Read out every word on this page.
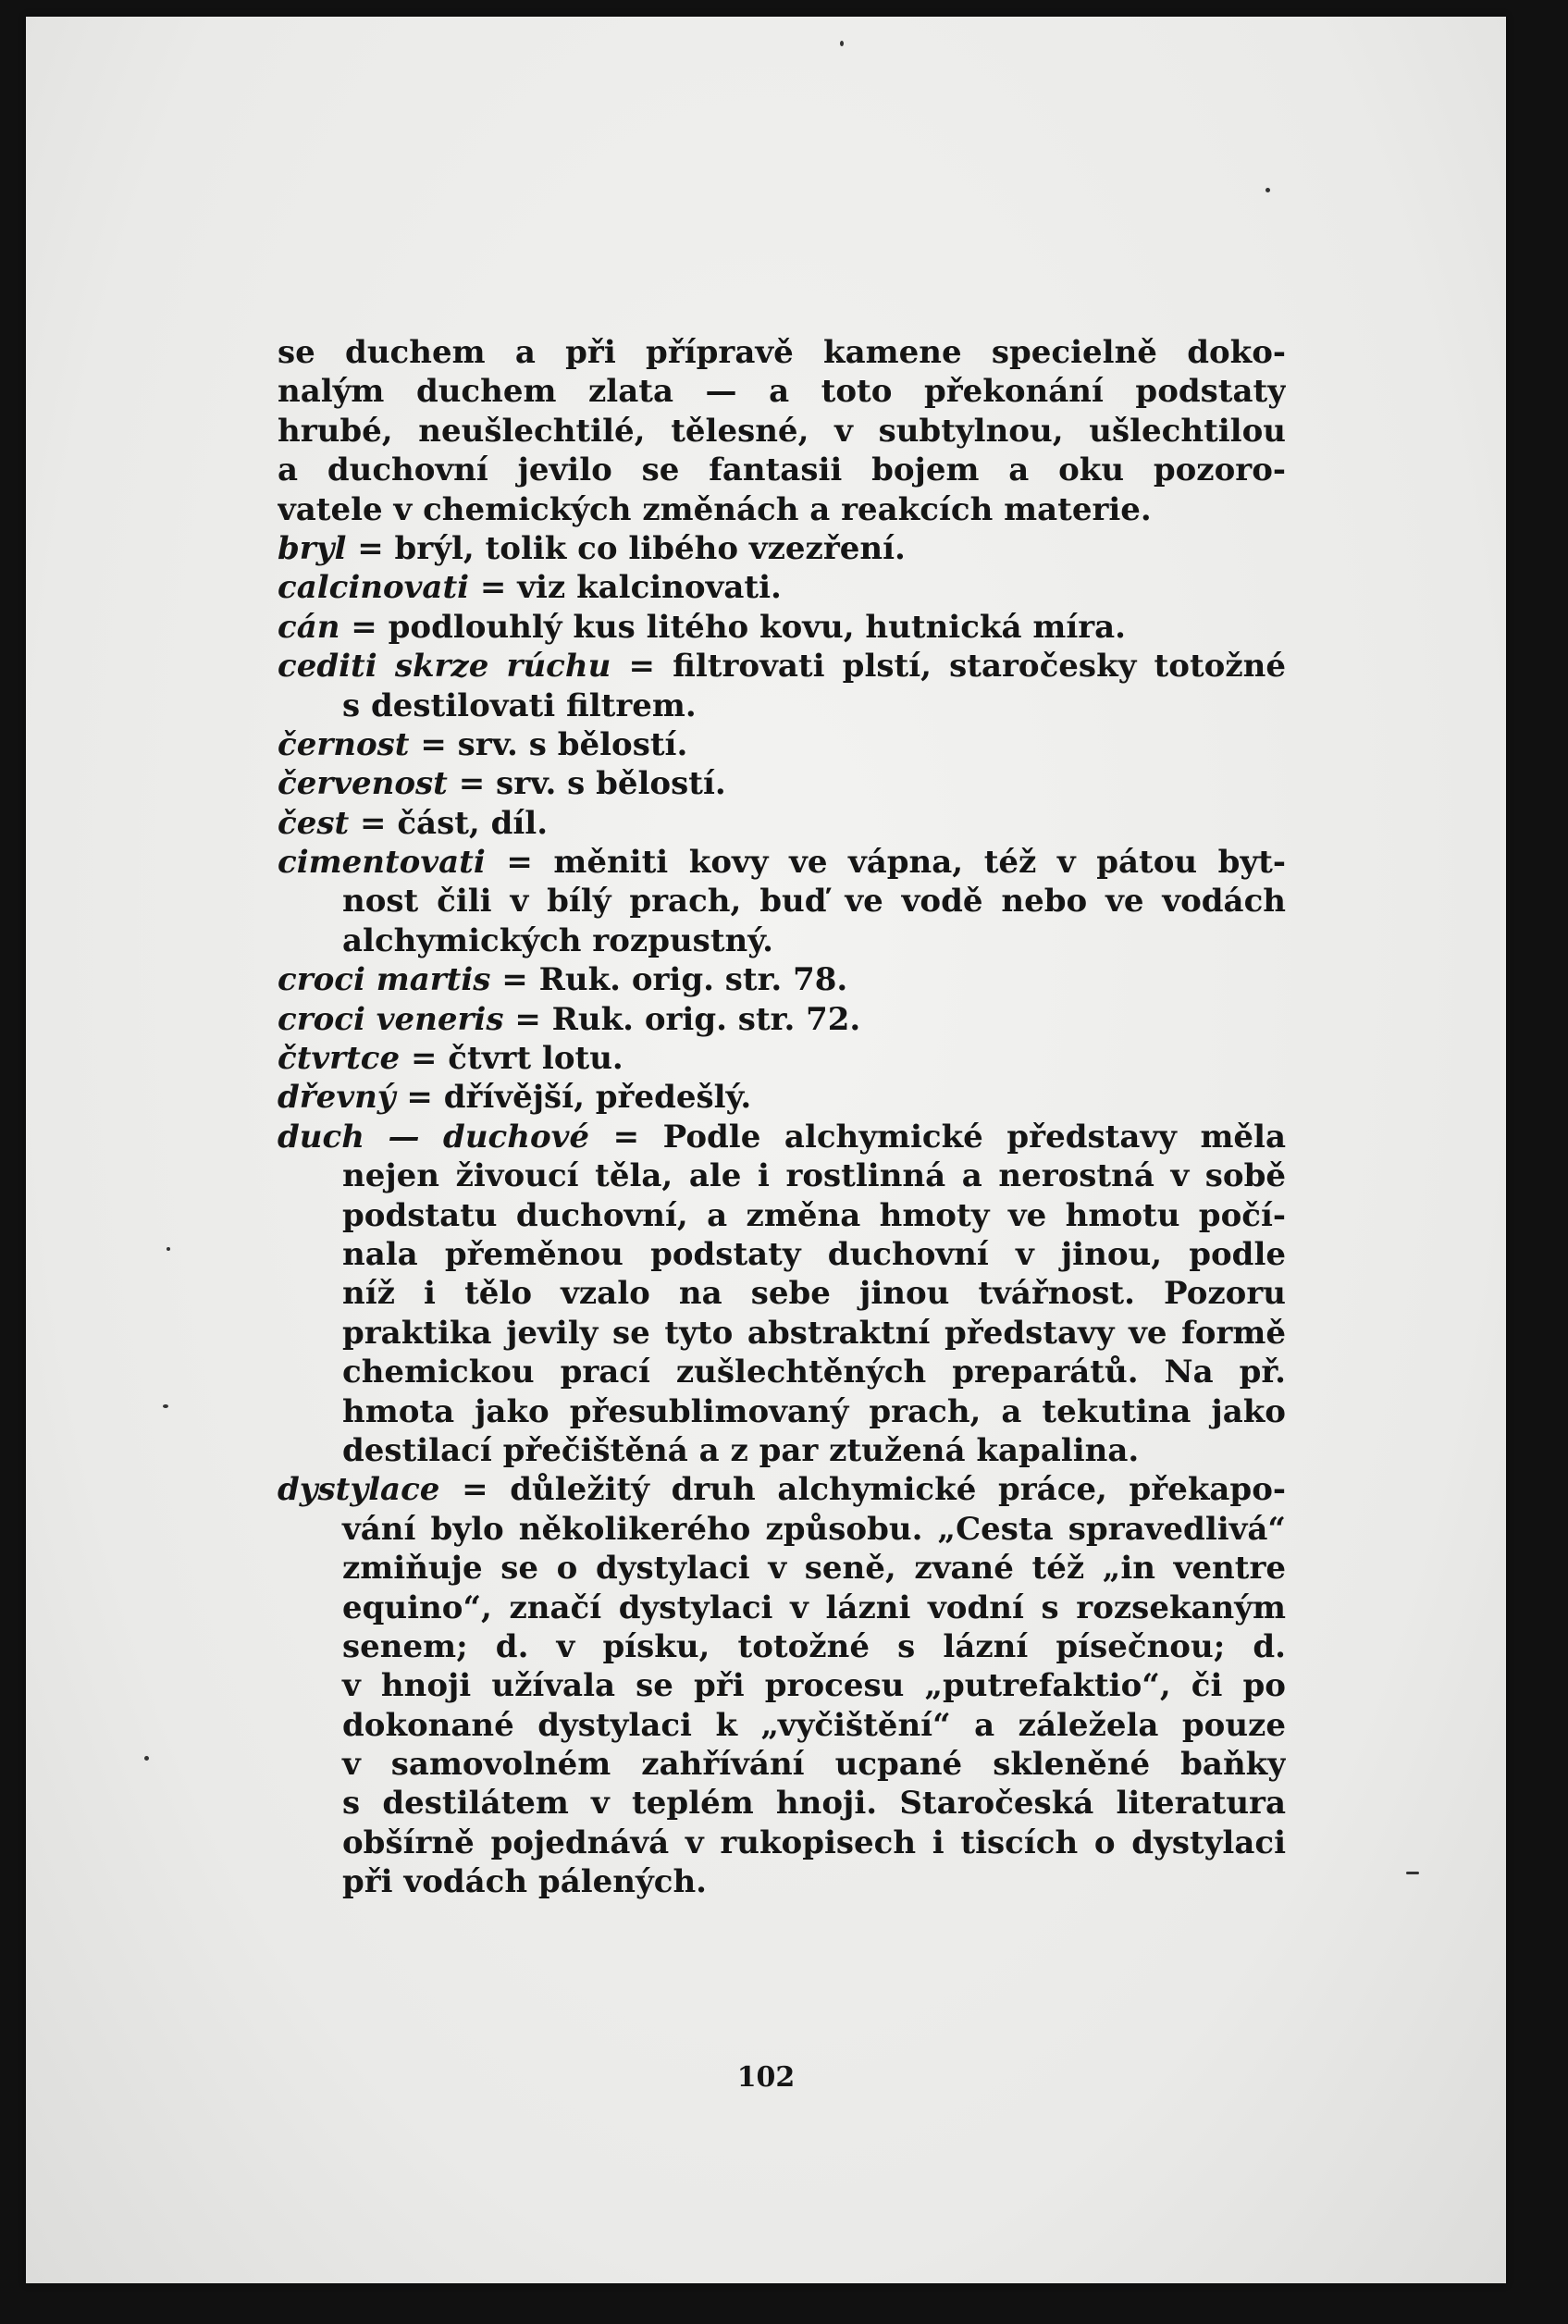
se duchem a při přípravě kamene specielně doko-
nalým duchem zlata — a toto překonání podstaty
hrubé, neušlechtilé, tělesné, v subtylnou, ušlechtilou
a duchovní jevilo se fantasii bojem a oku pozoro-
vatele v chemických změnách a reakcích materie.
bryl = brýl, tolik co libého vzezření.
calcinovati = viz kalcinovati.
cán = podlouhlý kus litého kovu, hutnická míra.
cediti skrze rúchu = filtrovati plstí, staročesky totožné
s destilovati filtrem.
černost = srv. s bělostí.
červenost = srv. s bělostí.
čest = část, díl.
cimentovati = měniti kovy ve vápna, též v pátou byt-
nost čili v bílý prach, buď ve vodě nebo ve vodách
alchymických rozpustný.
croci martis = Ruk. orig. str. 78.
croci veneris = Ruk. orig. str. 72.
čtvrtce = čtvrt lotu.
dřevný = dřívější, předešlý.
duch — duchové = Podle alchymické představy měla
nejen živoucí těla, ale i rostlinná a nerostná v sobě
podstatu duchovní, a změna hmoty ve hmotu počí-
nala přeměnou podstaty duchovní v jinou, podle
níž i tělo vzalo na sebe jinou tvářnost. Pozoru
praktika jevily se tyto abstraktní představy ve formě
chemickou prací zušlechtěných preparátů. Na př.
hmota jako přesublimovaný prach, a tekutina jako
destilací přečištěná a z par ztužená kapalina.
dystylace = důležitý druh alchymické práce, překapo-
vání bylo několikerého způsobu. „Cesta spravedlivá“
zmiňuje se o dystylaci v seně, zvané též „in ventre
equino“, značí dystylaci v lázni vodní s rozsekaným
senem; d. v písku, totožné s lázní písečnou; d.
v hnoji užívala se při procesu „putrefaktio“, či po
dokonané dystylaci k „vyčištění“ a záležela pouze
v samovolném zahřívání ucpané skleněné baňky
s destilátem v teplém hnoji. Staročeská literatura
obšírně pojednává v rukopisech i tiscích o dystylaci
při vodách pálených.
102
